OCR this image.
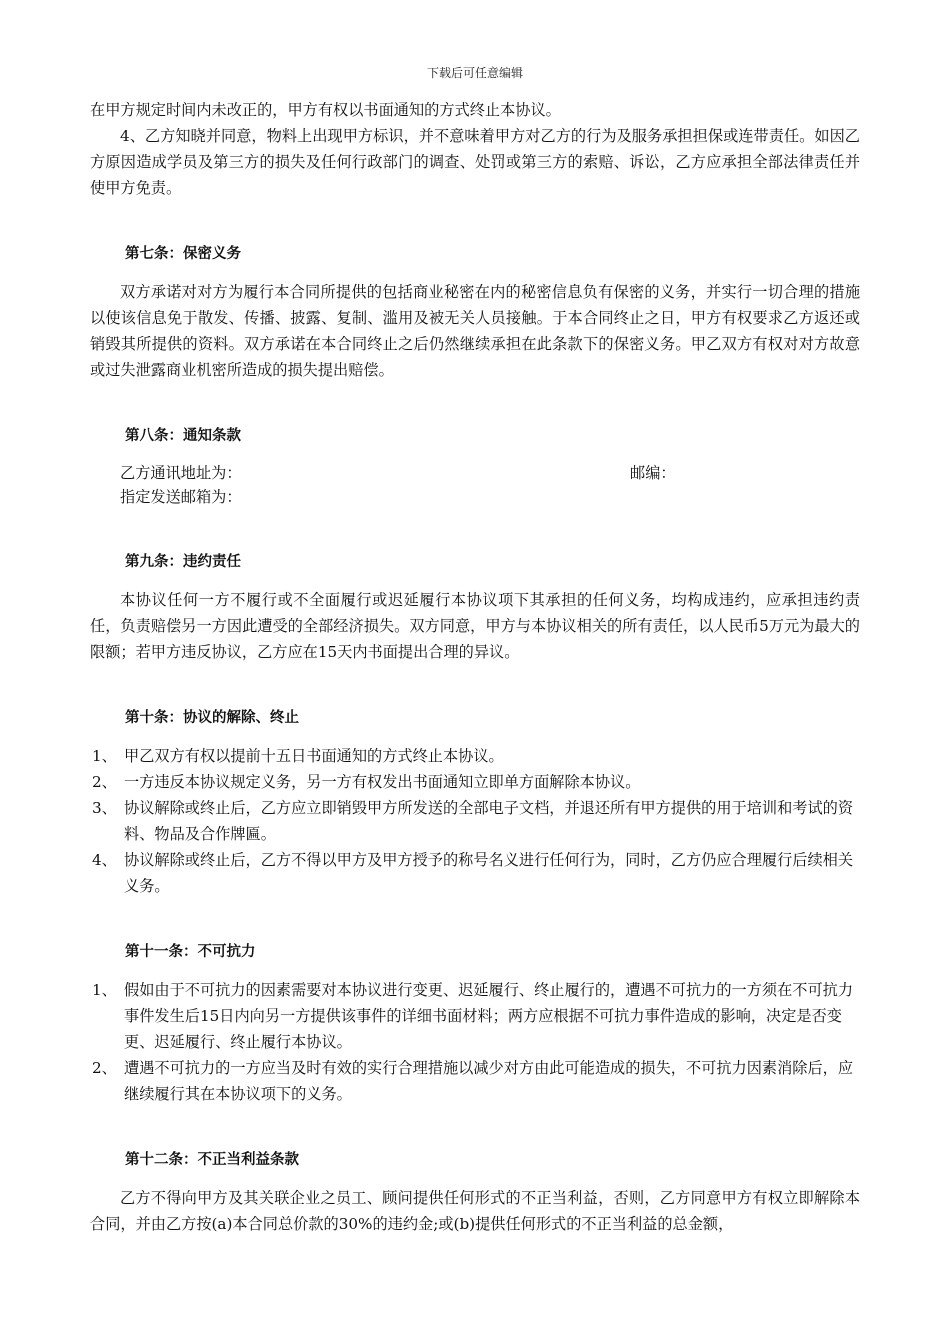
下载后可任意编辑

在甲方规定时间内未改正的，甲方有权以书面通知的方式终止本协议。

4、乙方知晓并同意，物料上出现甲方标识，并不意味着甲方对乙方的行为及服务承担担保或连带责任。如因乙方原因造成学员及第三方的损失及任何行政部门的调查、处罚或第三方的索赔、诉讼，乙方应承担全部法律责任并使甲方免责。

第七条：保密义务

双方承诺对对方为履行本合同所提供的包括商业秘密在内的秘密信息负有保密的义务，并实行一切合理的措施以使该信息免于散发、传播、披露、复制、滥用及被无关人员接触。于本合同终止之日，甲方有权要求乙方返还或销毁其所提供的资料。双方承诺在本合同终止之后仍然继续承担在此条款下的保密义务。甲乙双方有权对对方故意或过失泄露商业机密所造成的损失提出赔偿。

第八条：通知条款
乙方通讯地址为：	邮编：
指定发送邮箱为：
第九条：违约责任

本协议任何一方不履行或不全面履行或迟延履行本协议项下其承担的任何义务，均构成违约，应承担违约责任，负责赔偿另一方因此遭受的全部经济损失。双方同意，甲方与本协议相关的所有责任，以人民币5万元为最大的限额；若甲方违反协议，乙方应在15天内书面提出合理的异议。

第十条：协议的解除、终止
1、 甲乙双方有权以提前十五日书面通知的方式终止本协议。
2、 一方违反本协议规定义务，另一方有权发出书面通知立即单方面解除本协议。
3、 协议解除或终止后，乙方应立即销毁甲方所发送的全部电子文档，并退还所有甲方提供的用于培训和考试的资料、物品及合作牌匾。
4、 协议解除或终止后，乙方不得以甲方及甲方授予的称号名义进行任何行为，同时，乙方仍应合理履行后续相关义务。
第十一条：不可抗力
1、 假如由于不可抗力的因素需要对本协议进行变更、迟延履行、终止履行的，遭遇不可抗力的一方须在不可抗力事件发生后15日内向另一方提供该事件的详细书面材料；两方应根据不可抗力事件造成的影响，决定是否变更、迟延履行、终止履行本协议。
2、 遭遇不可抗力的一方应当及时有效的实行合理措施以减少对方由此可能造成的损失，不可抗力因素消除后，应继续履行其在本协议项下的义务。
第十二条：不正当利益条款

乙方不得向甲方及其关联企业之员工、顾问提供任何形式的不正当利益，否则，乙方同意甲方有权立即解除本合同，并由乙方按(a)本合同总价款的30%的违约金;或(b)提供任何形式的不正当利益的总金额，
